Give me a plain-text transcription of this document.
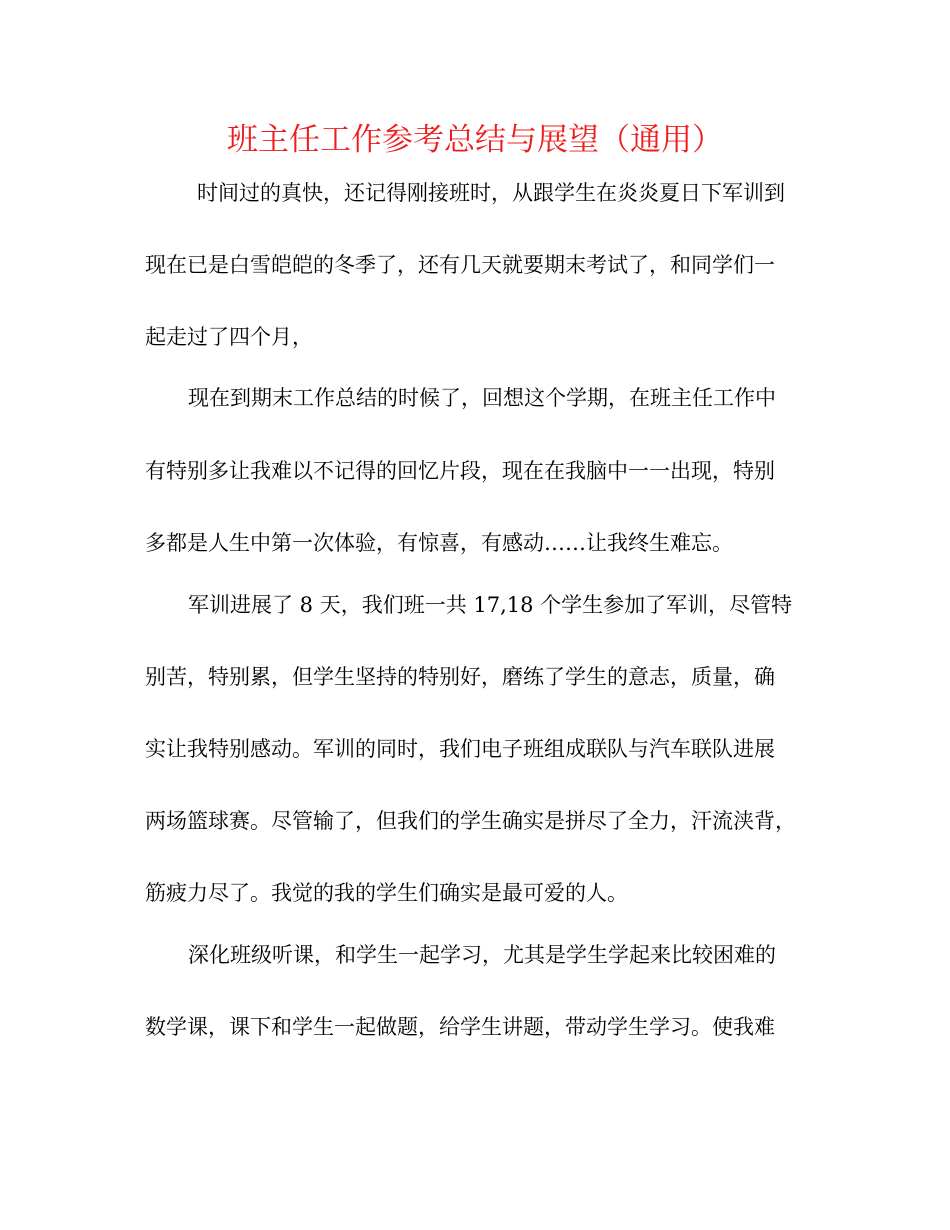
班主任工作参考总结与展望（通用）
时间过的真快，还记得刚接班时，从跟学生在炎炎夏日下军训到
现在已是白雪皑皑的冬季了，还有几天就要期末考试了，和同学们一
起走过了四个月，
现在到期末工作总结的时候了，回想这个学期，在班主任工作中
有特别多让我难以不记得的回忆片段，现在在我脑中一一出现，特别
多都是人生中第一次体验，有惊喜，有感动……让我终生难忘。
军训进展了 8 天，我们班一共 17,18 个学生参加了军训，尽管特
别苦，特别累，但学生坚持的特别好，磨练了学生的意志，质量，确
实让我特别感动。军训的同时，我们电子班组成联队与汽车联队进展
两场篮球赛。尽管输了，但我们的学生确实是拼尽了全力，汗流浃背，
筋疲力尽了。我觉的我的学生们确实是最可爱的人。
深化班级听课，和学生一起学习，尤其是学生学起来比较困难的
数学课，课下和学生一起做题，给学生讲题，带动学生学习。使我难
